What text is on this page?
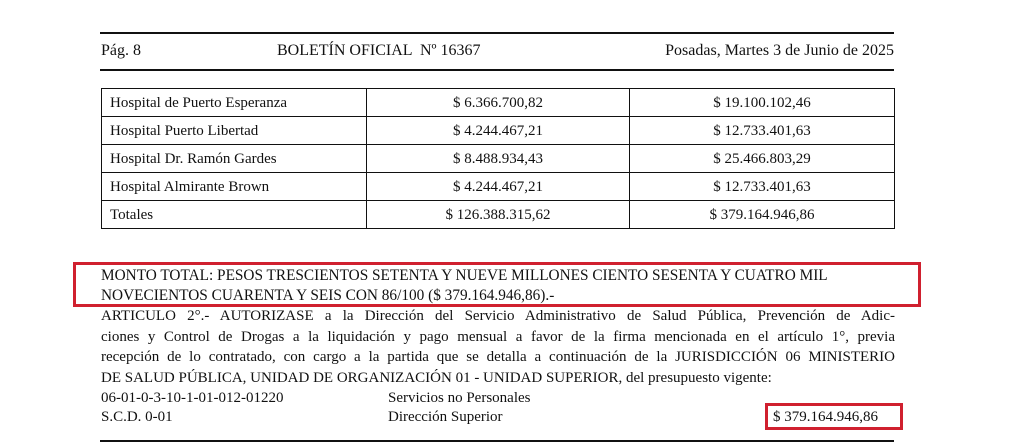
Pág. 8	BOLETÍN OFICIAL  Nº 16367	Posadas, Martes 3 de Junio de 2025
Hospital de Puerto Esperanza	$ 6.366.700,82	$ 19.100.102,46
Hospital Puerto Libertad	$ 4.244.467,21	$ 12.733.401,63
Hospital Dr. Ramón Gardes	$ 8.488.934,43	$ 25.466.803,29
Hospital Almirante Brown	$ 4.244.467,21	$ 12.733.401,63
Totales	$ 126.388.315,62	$ 379.164.946,86
MONTO TOTAL: PESOS TRESCIENTOS SETENTA Y NUEVE MILLONES CIENTO SESENTA Y CUATRO MIL
NOVECIENTOS CUARENTA Y SEIS CON 86/100 ($ 379.164.946,86).-
ARTICULO 2°.- AUTORIZASE a la Dirección del Servicio Administrativo de Salud Pública, Prevención de Adic-
ciones y Control de Drogas a la liquidación y pago mensual a favor de la firma mencionada en el artículo 1°, previa
recepción de lo contratado, con cargo a la partida que se detalla a continuación de la JURISDICCIÓN 06 MINISTERIO
DE SALUD PÚBLICA, UNIDAD DE ORGANIZACIÓN 01 - UNIDAD SUPERIOR, del presupuesto vigente:
06-01-0-3-10-1-01-012-01220	Servicios no Personales
S.C.D. 0-01	Dirección Superior	$ 379.164.946,86
